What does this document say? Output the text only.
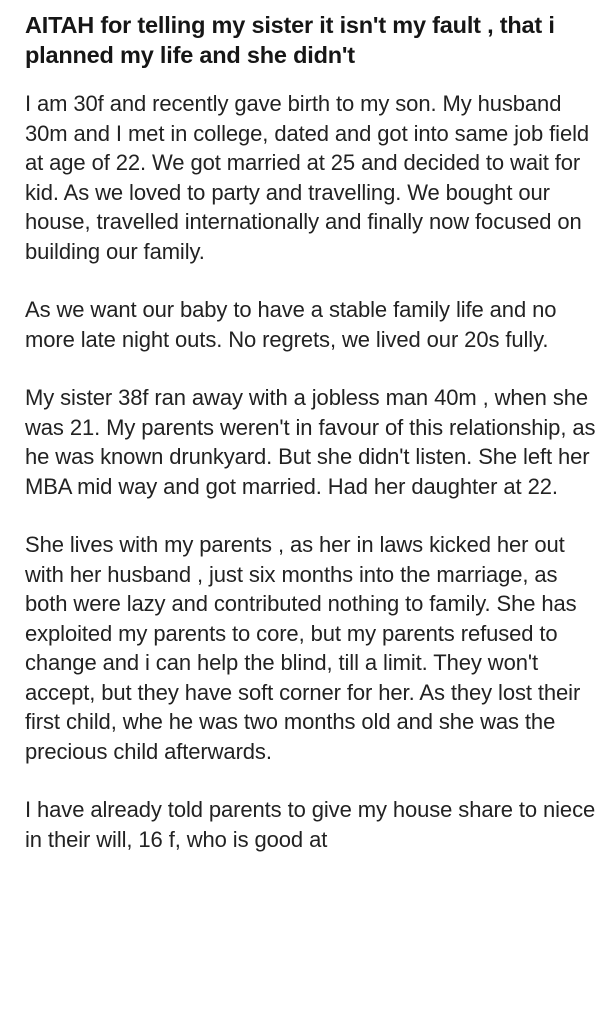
AITAH for telling my sister it isn't my fault , that i planned my life and she didn't

I am 30f and recently gave birth to my son. My husband 30m and I met in college, dated and got into same job field at age of 22. We got married at 25 and decided to wait for kid. As we loved to party and travelling. We bought our house, travelled internationally and finally now focused on building our family.

As we want our baby to have a stable family life and no more late night outs. No regrets, we lived our 20s fully.

My sister 38f ran away with a jobless man 40m , when she was 21. My parents weren't in favour of this relationship, as he was known drunkyard. But she didn't listen. She left her MBA mid way and got married. Had her daughter at 22.

She lives with my parents , as her in laws kicked her out with her husband , just six months into the marriage, as both were lazy and contributed nothing to family. She has exploited my parents to core, but my parents refused to change and i can help the blind, till a limit. They won't accept, but they have soft corner for her. As they lost their first child, whe he was two months old and she was the precious child afterwards.

I have already told parents to give my house share to niece in their will, 16 f, who is good at
